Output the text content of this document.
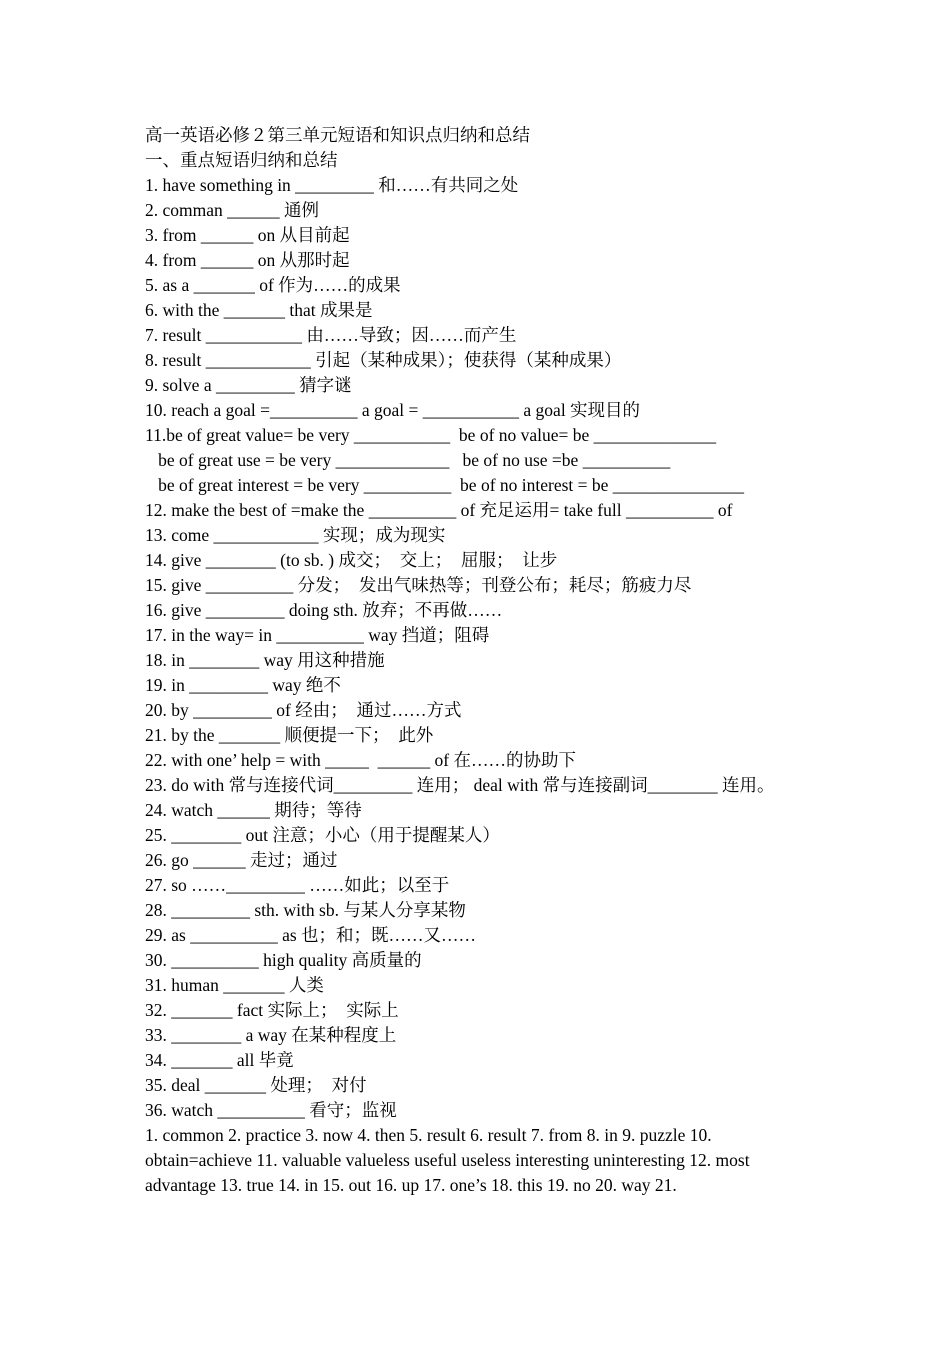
高一英语必修２第三单元短语和知识点归纳和总结
一、重点短语归纳和总结
1. have something in _________ 和……有共同之处
2. comman ______ 通例
3. from ______ on 从目前起
4. from ______ on 从那时起
5. as a _______ of 作为……的成果
6. with the _______ that 成果是
7. result ___________ 由……导致；因……而产生
8. result ____________ 引起（某种成果）；使获得（某种成果）
9. solve a _________ 猜字谜
10. reach a goal =__________ a goal = ___________ a goal 实现目的
11.be of great value= be very ___________  be of no value= be ______________
be of great use = be very _____________   be of no use =be __________
be of great interest = be very __________  be of no interest = be _______________
12. make the best of =make the __________ of 充足运用= take full __________ of
13. come ____________ 实现；成为现实
14. give ________ (to sb. ) 成交；  交上；  屈服；  让步
15. give __________ 分发；  发出气味热等；刊登公布；耗尽；筋疲力尽
16. give _________ doing sth. 放弃；不再做……
17. in the way= in __________ way 挡道；阻碍
18. in ________ way 用这种措施
19. in _________ way 绝不
20. by _________ of 经由；  通过……方式
21. by the _______ 顺便提一下；  此外
22. with one’ help = with _____  ______ of 在……的协助下
23. do with 常与连接代词_________ 连用； deal with 常与连接副词________ 连用。
24. watch ______ 期待；等待
25. ________ out 注意；小心（用于提醒某人）
26. go ______ 走过；通过
27. so ……_________ ……如此；以至于
28. _________ sth. with sb. 与某人分享某物
29. as __________ as 也；和；既……又……
30. __________ high quality 高质量的
31. human _______ 人类
32. _______ fact 实际上；  实际上
33. ________ a way 在某种程度上
34. _______ all 毕竟
35. deal _______ 处理；  对付
36. watch __________ 看守；监视
1. common 2. practice 3. now 4. then 5. result 6. result 7. from 8. in 9. puzzle 10. obtain=achieve 11. valuable valueless useful useless interesting uninteresting 12. most advantage 13. true 14. in 15. out 16. up 17. one’s 18. this 19. no 20. way 21.
